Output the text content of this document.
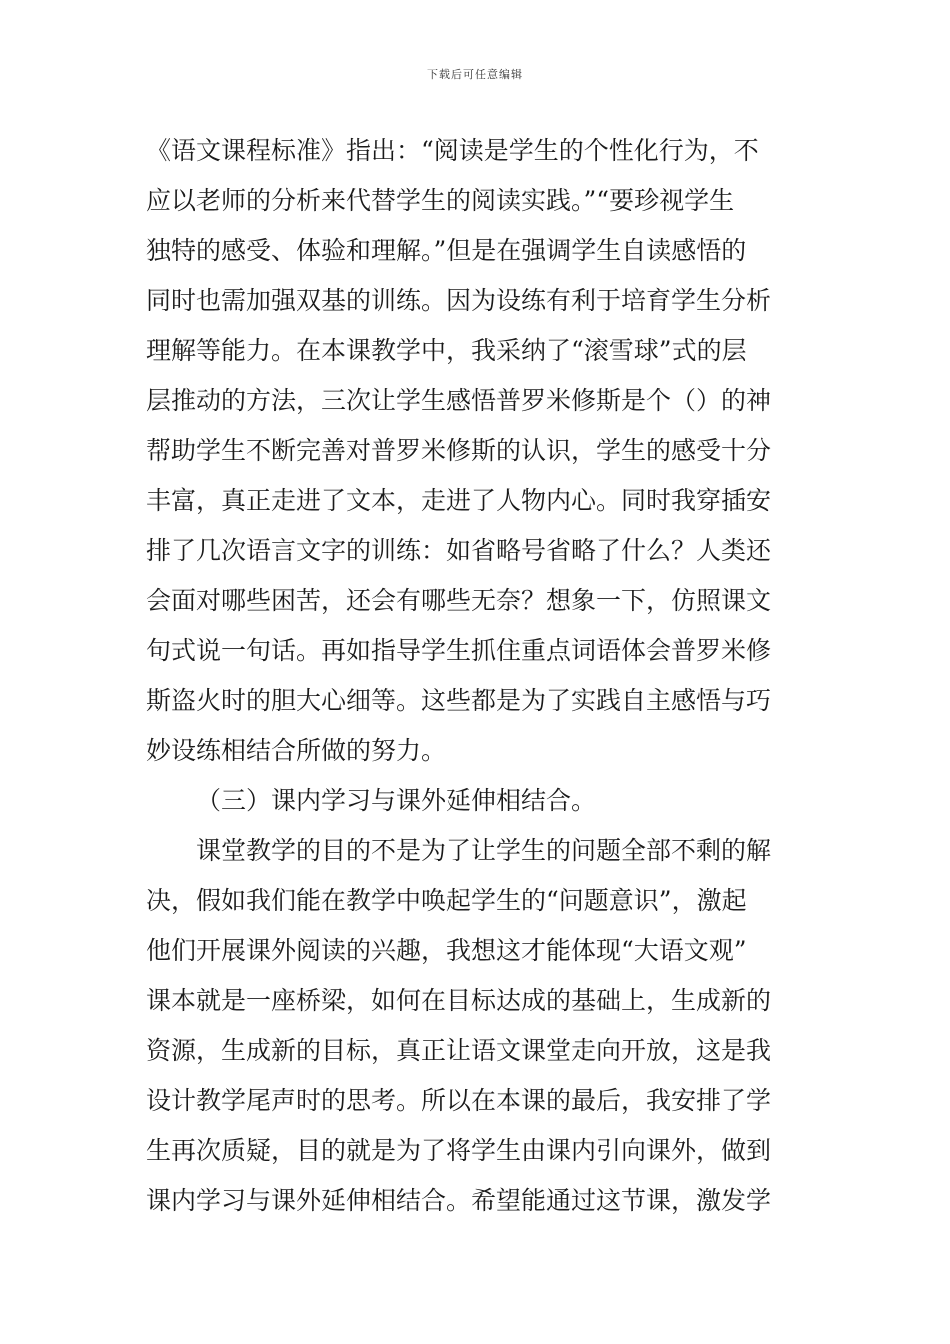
下载后可任意编辑
《语文课程标准》指出：“阅读是学生的个性化行为，不
应以老师的分析来代替学生的阅读实践。”“要珍视学生
独特的感受、体验和理解。”但是在强调学生自读感悟的
同时也需加强双基的训练。因为设练有利于培育学生分析
理解等能力。在本课教学中，我采纳了“滚雪球”式的层
层推动的方法，三次让学生感悟普罗米修斯是个（）的神
帮助学生不断完善对普罗米修斯的认识，学生的感受十分
丰富，真正走进了文本，走进了人物内心。同时我穿插安
排了几次语言文字的训练：如省略号省略了什么？人类还
会面对哪些困苦，还会有哪些无奈？想象一下，仿照课文
句式说一句话。再如指导学生抓住重点词语体会普罗米修
斯盗火时的胆大心细等。这些都是为了实践自主感悟与巧
妙设练相结合所做的努力。
（三）课内学习与课外延伸相结合。
课堂教学的目的不是为了让学生的问题全部不剩的解
决，假如我们能在教学中唤起学生的“问题意识”，激起
他们开展课外阅读的兴趣，我想这才能体现“大语文观”
课本就是一座桥梁，如何在目标达成的基础上，生成新的
资源，生成新的目标，真正让语文课堂走向开放，这是我
设计教学尾声时的思考。所以在本课的最后，我安排了学
生再次质疑，目的就是为了将学生由课内引向课外，做到
课内学习与课外延伸相结合。希望能通过这节课，激发学
